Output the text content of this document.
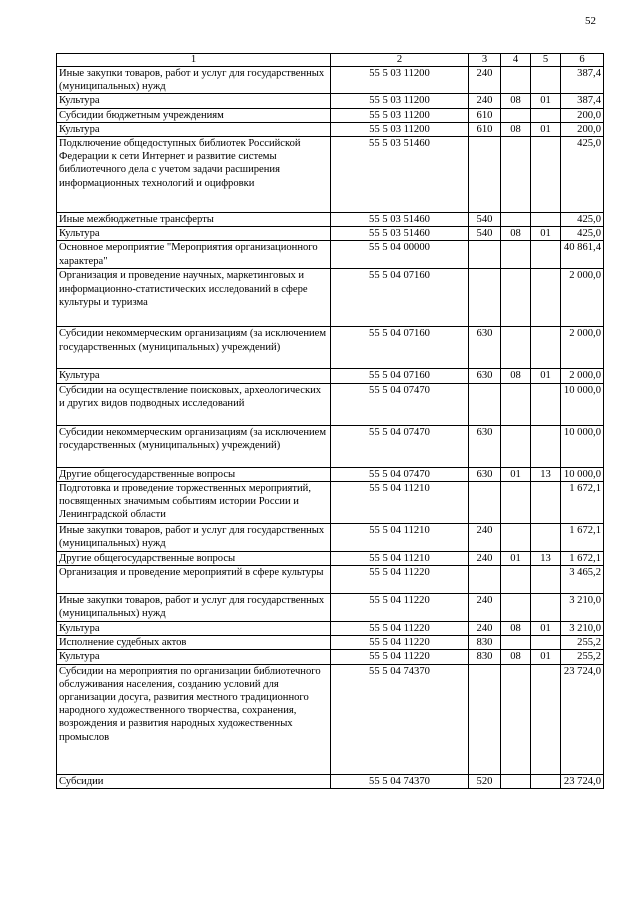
52
1	2	3	4	5	6
Иные закупки товаров, работ и услуг для государственных (муниципальных) нужд	55 5 03 11200	240			387,4
Культура	55 5 03 11200	240	08	01	387,4
Субсидии бюджетным учреждениям	55 5 03 11200	610			200,0
Культура	55 5 03 11200	610	08	01	200,0
Подключение общедоступных библиотек Российской Федерации к сети Интернет и развитие системы библиотечного дела с учетом задачи расширения информационных технологий и оцифровки	55 5 03 51460				425,0
Иные межбюджетные трансферты	55 5 03 51460	540			425,0
Культура	55 5 03 51460	540	08	01	425,0
Основное мероприятие "Мероприятия организационного характера"	55 5 04 00000				40 861,4
Организация и проведение научных, маркетинговых и информационно-статистических исследований в сфере культуры и туризма	55 5 04 07160				2 000,0
Субсидии некоммерческим организациям (за исключением государственных (муниципальных) учреждений)	55 5 04 07160	630			2 000,0
Культура	55 5 04 07160	630	08	01	2 000,0
Субсидии на осуществление поисковых, археологических и других видов подводных исследований	55 5 04 07470				10 000,0
Субсидии некоммерческим организациям (за исключением государственных (муниципальных) учреждений)	55 5 04 07470	630			10 000,0
Другие общегосударственные вопросы	55 5 04 07470	630	01	13	10 000,0
Подготовка и проведение торжественных мероприятий, посвященных значимым событиям истории России и Ленинградской области	55 5 04 11210				1 672,1
Иные закупки товаров, работ и услуг для государственных (муниципальных) нужд	55 5 04 11210	240			1 672,1
Другие общегосударственные вопросы	55 5 04 11210	240	01	13	1 672,1
Организация и проведение мероприятий в сфере культуры	55 5 04 11220				3 465,2
Иные закупки товаров, работ и услуг для государственных (муниципальных) нужд	55 5 04 11220	240			3 210,0
Культура	55 5 04 11220	240	08	01	3 210,0
Исполнение судебных актов	55 5 04 11220	830			255,2
Культура	55 5 04 11220	830	08	01	255,2
Субсидии на мероприятия по организации библиотечного обслуживания населения, созданию условий для организации досуга, развития местного традиционного народного художественного творчества, сохранения, возрождения и развития народных художественных промыслов	55 5 04 74370				23 724,0
Субсидии	55 5 04 74370	520			23 724,0
